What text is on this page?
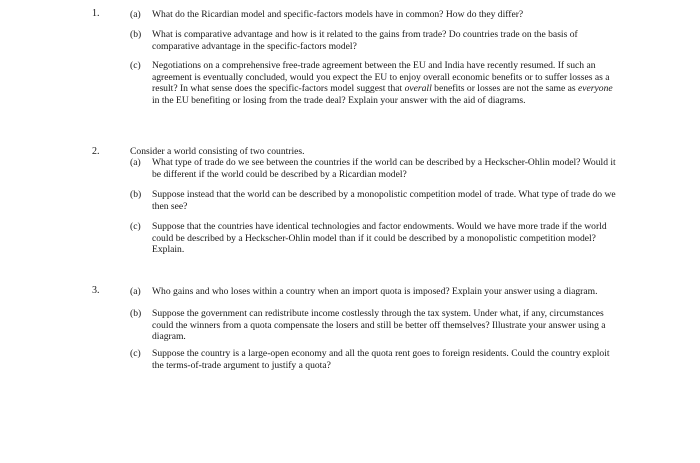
1.	(a)	What do the Ricardian model and specific-factors models have in common? How do they differ?
(b)	What is comparative advantage and how is it related to the gains from trade? Do countries trade on the basis of comparative advantage in the specific-factors model?
(c)	Negotiations on a comprehensive free-trade agreement between the EU and India have recently resumed. If such an agreement is eventually concluded, would you expect the EU to enjoy overall economic benefits or to suffer losses as a result? In what sense does the specific-factors model suggest that overall benefits or losses are not the same as everyone in the EU benefiting or losing from the trade deal? Explain your answer with the aid of diagrams.
2.	Consider a world consisting of two countries.
(a)	What type of trade do we see between the countries if the world can be described by a Heckscher-Ohlin model? Would it be different if the world could be described by a Ricardian model?
(b)	Suppose instead that the world can be described by a monopolistic competition model of trade. What type of trade do we then see?
(c)	Suppose that the countries have identical technologies and factor endowments. Would we have more trade if the world could be described by a Heckscher-Ohlin model than if it could be described by a monopolistic competition model? Explain.
3.	(a)	Who gains and who loses within a country when an import quota is imposed? Explain your answer using a diagram.
(b)	Suppose the government can redistribute income costlessly through the tax system. Under what, if any, circumstances could the winners from a quota compensate the losers and still be better off themselves? Illustrate your answer using a diagram.
(c)	Suppose the country is a large-open economy and all the quota rent goes to foreign residents. Could the country exploit the terms-of-trade argument to justify a quota?
